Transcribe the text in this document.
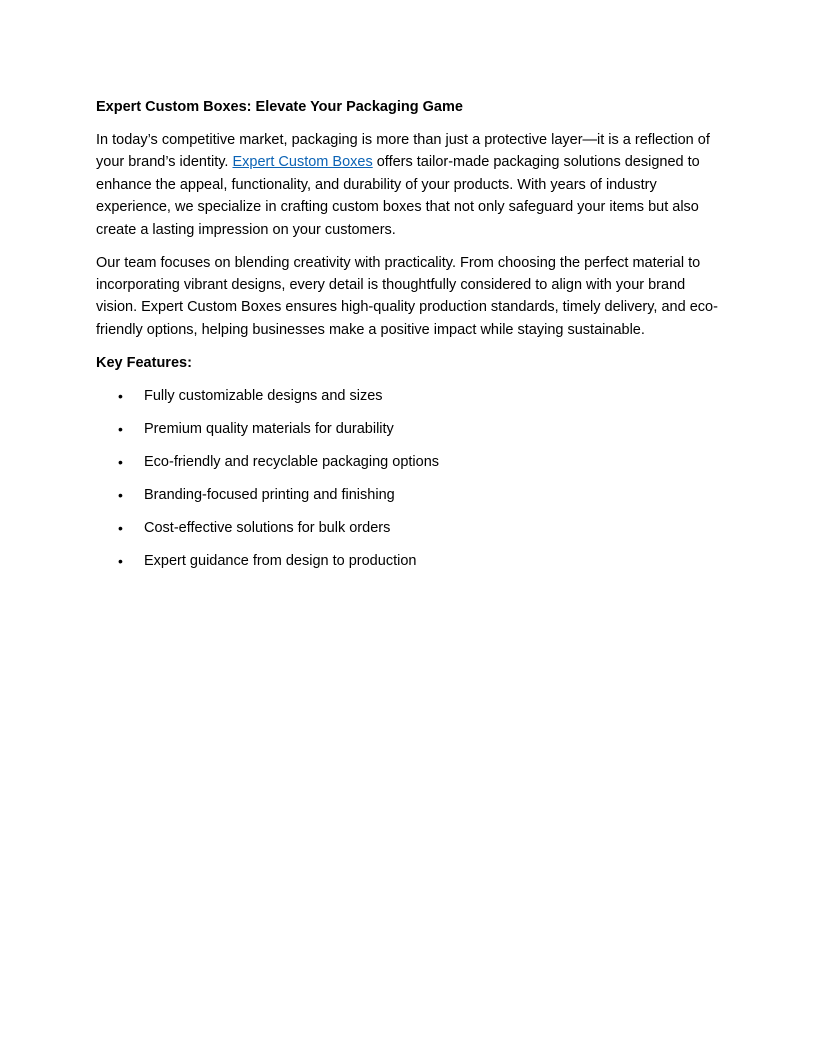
Expert Custom Boxes: Elevate Your Packaging Game

In today’s competitive market, packaging is more than just a protective layer—it is a reflection of your brand’s identity. Expert Custom Boxes offers tailor-made packaging solutions designed to enhance the appeal, functionality, and durability of your products. With years of industry experience, we specialize in crafting custom boxes that not only safeguard your items but also create a lasting impression on your customers.

Our team focuses on blending creativity with practicality. From choosing the perfect material to incorporating vibrant designs, every detail is thoughtfully considered to align with your brand vision. Expert Custom Boxes ensures high-quality production standards, timely delivery, and eco-friendly options, helping businesses make a positive impact while staying sustainable.

Key Features:

• Fully customizable designs and sizes
• Premium quality materials for durability
• Eco-friendly and recyclable packaging options
• Branding-focused printing and finishing
• Cost-effective solutions for bulk orders
• Expert guidance from design to production
